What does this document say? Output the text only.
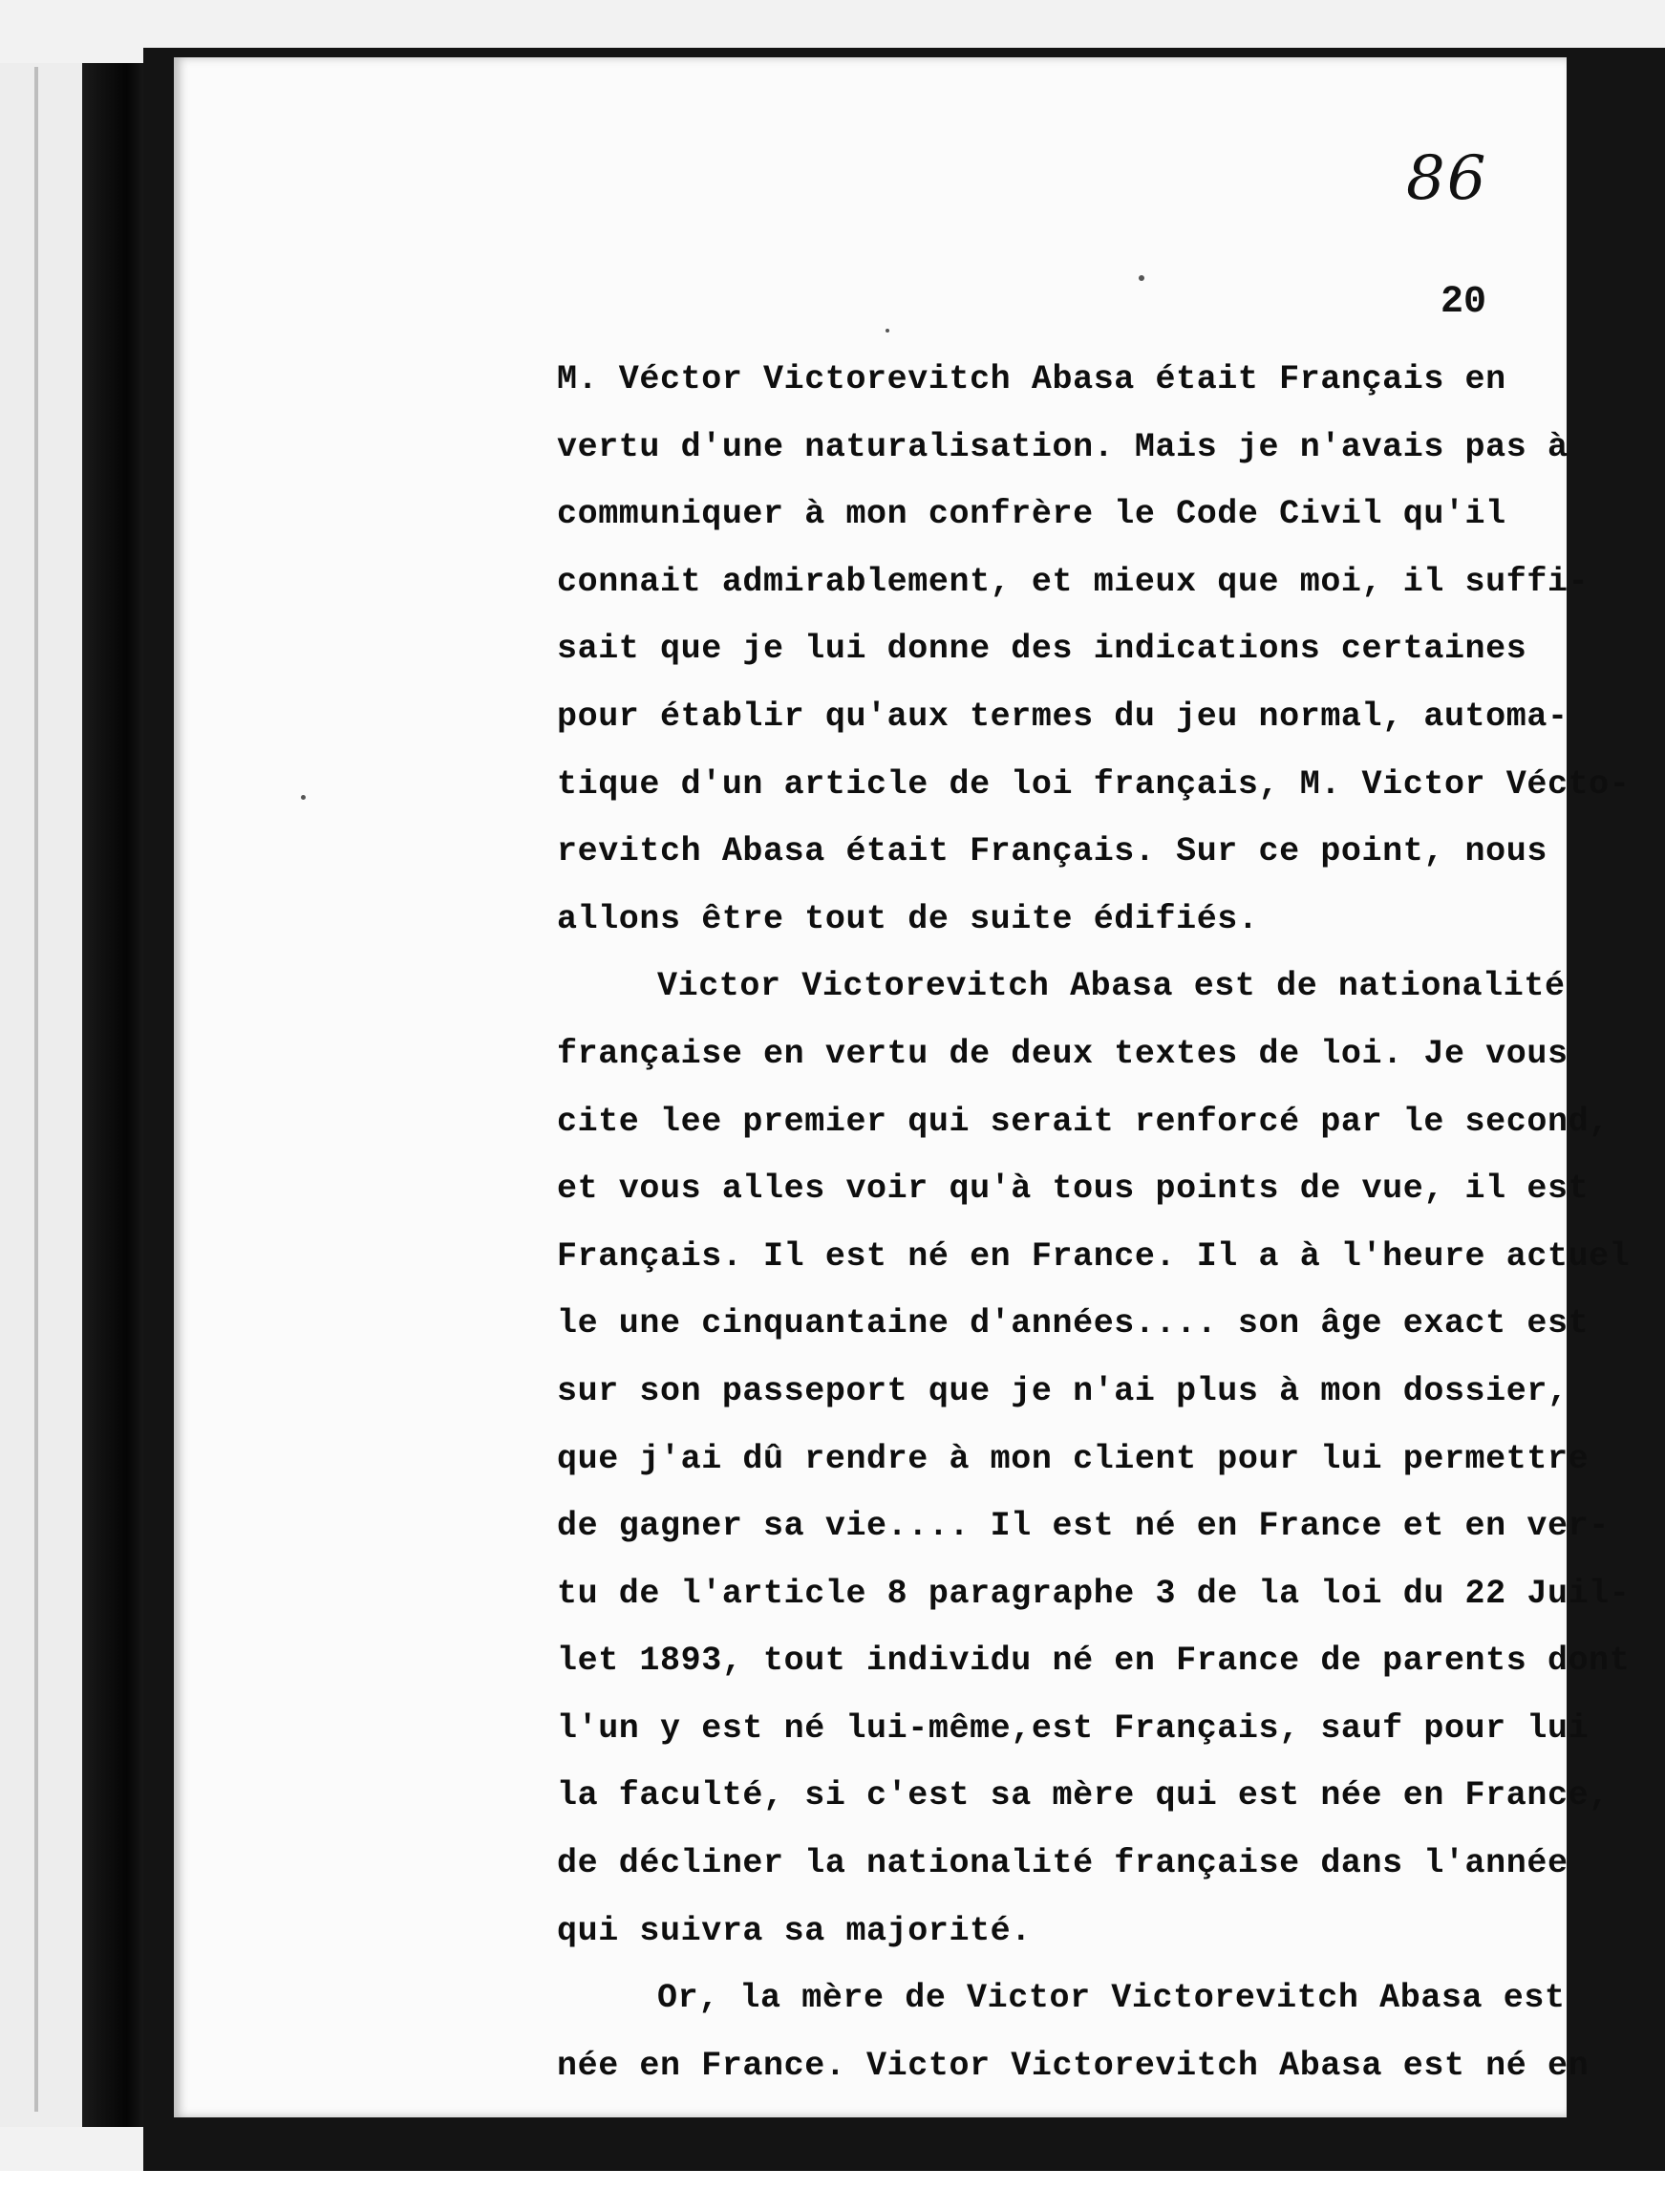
86
20
M. Véctor Victorevitch Abasa était Français en
vertu d'une naturalisation. Mais je n'avais pas à
communiquer à mon confrère le Code Civil qu'il
connait admirablement, et mieux que moi, il suffi-
sait que je lui donne des indications certaines
pour établir qu'aux termes du jeu normal, automa-
tique d'un article de loi français, M. Victor Vécto-
revitch Abasa était Français. Sur ce point, nous
allons être tout de suite édifiés.
Victor Victorevitch Abasa est de nationalité
française en vertu de deux textes de loi. Je vous
cite lee premier qui serait renforcé par le second,
et vous alles voir qu'à tous points de vue, il est
Français. Il est né en France. Il a à l'heure actuel
le une cinquantaine d'années.... son âge exact est
sur son passeport que je n'ai plus à mon dossier,
que j'ai dû rendre à mon client pour lui permettre
de gagner sa vie.... Il est né en France et en ver-
tu de l'article 8 paragraphe 3 de la loi du 22 Juil-
let 1893, tout individu né en France de parents dont
l'un y est né lui-même,est Français, sauf pour lui
la faculté, si c'est sa mère qui est née en France,
de décliner la nationalité française dans l'année
qui suivra sa majorité.
Or, la mère de Victor Victorevitch Abasa est
née en France. Victor Victorevitch Abasa est né en
